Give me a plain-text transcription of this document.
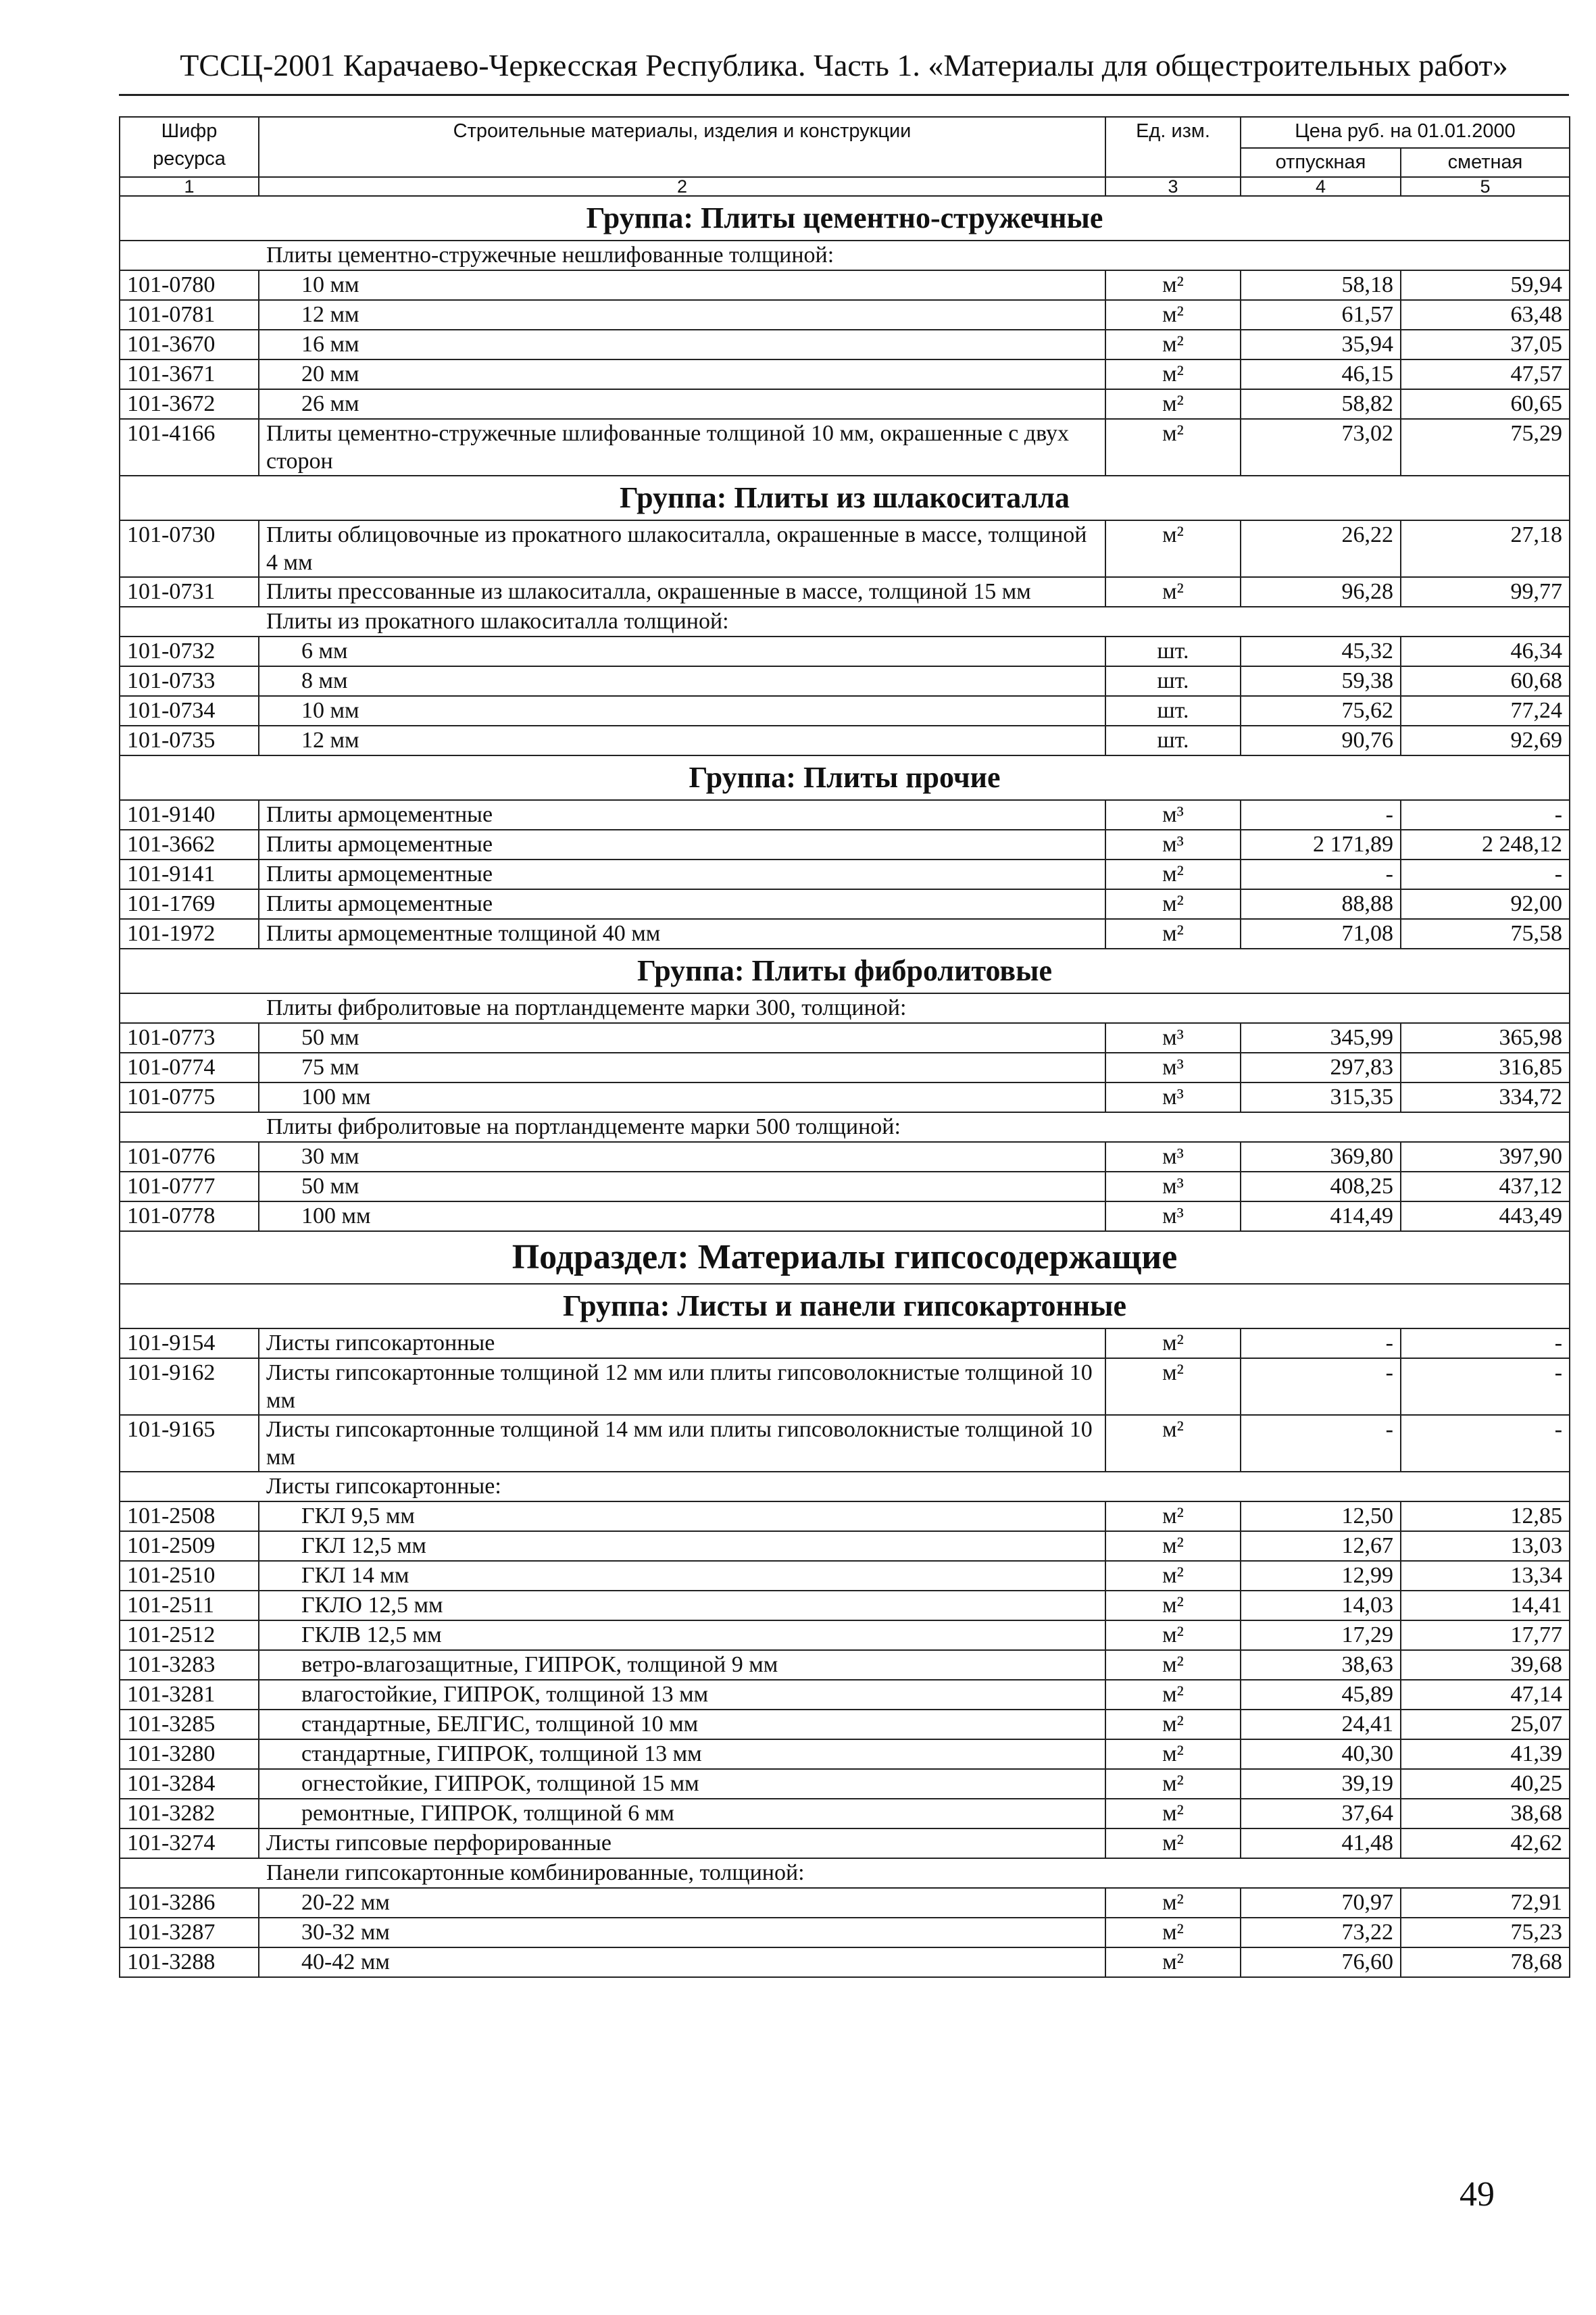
ТССЦ-2001 Карачаево-Черкесская Республика. Часть 1. «Материалы для общестроительных работ»
Шифр ресурса	Строительные материалы, изделия и конструкции	Ед. изм.	Цена руб. на 01.01.2000	
			отпускная	сметная
1	2	3	4	5
Группа: Плиты цементно-стружечные				
	Плиты цементно-стружечные нешлифованные толщиной:			
101-0780	10 мм	м²	58,18	59,94
101-0781	12 мм	м²	61,57	63,48
101-3670	16 мм	м²	35,94	37,05
101-3671	20 мм	м²	46,15	47,57
101-3672	26 мм	м²	58,82	60,65
101-4166	Плиты цементно-стружечные шлифованные толщиной 10 мм, окрашенные с двух сторон	м²	73,02	75,29
Группа: Плиты из шлакоситалла				
101-0730	Плиты облицовочные из прокатного шлакоситалла, окрашенные в массе, толщиной 4 мм	м²	26,22	27,18
101-0731	Плиты прессованные из шлакоситалла, окрашенные в массе, толщиной 15 мм	м²	96,28	99,77
	Плиты из прокатного шлакоситалла толщиной:			
101-0732	6 мм	шт.	45,32	46,34
101-0733	8 мм	шт.	59,38	60,68
101-0734	10 мм	шт.	75,62	77,24
101-0735	12 мм	шт.	90,76	92,69
Группа: Плиты прочие				
101-9140	Плиты армоцементные	м³	-	-
101-3662	Плиты армоцементные	м³	2 171,89	2 248,12
101-9141	Плиты армоцементные	м²	-	-
101-1769	Плиты армоцементные	м²	88,88	92,00
101-1972	Плиты армоцементные толщиной 40 мм	м²	71,08	75,58
Группа: Плиты фибролитовые				
	Плиты фибролитовые на портландцементе марки 300, толщиной:			
101-0773	50 мм	м³	345,99	365,98
101-0774	75 мм	м³	297,83	316,85
101-0775	100 мм	м³	315,35	334,72
	Плиты фибролитовые на портландцементе марки 500 толщиной:			
101-0776	30 мм	м³	369,80	397,90
101-0777	50 мм	м³	408,25	437,12
101-0778	100 мм	м³	414,49	443,49
Подраздел: Материалы гипсосодержащие				
Группа: Листы и панели гипсокартонные				
101-9154	Листы гипсокартонные	м²	-	-
101-9162	Листы гипсокартонные толщиной 12 мм или плиты гипсоволокнистые толщиной 10 мм	м²	-	-
101-9165	Листы гипсокартонные толщиной 14 мм или плиты гипсоволокнистые толщиной 10 мм	м²	-	-
	Листы гипсокартонные:			
101-2508	ГКЛ 9,5 мм	м²	12,50	12,85
101-2509	ГКЛ 12,5 мм	м²	12,67	13,03
101-2510	ГКЛ 14 мм	м²	12,99	13,34
101-2511	ГКЛО 12,5 мм	м²	14,03	14,41
101-2512	ГКЛВ 12,5 мм	м²	17,29	17,77
101-3283	ветро-влагозащитные, ГИПРОК, толщиной 9 мм	м²	38,63	39,68
101-3281	влагостойкие, ГИПРОК, толщиной 13 мм	м²	45,89	47,14
101-3285	стандартные, БЕЛГИС, толщиной 10 мм	м²	24,41	25,07
101-3280	стандартные, ГИПРОК, толщиной 13 мм	м²	40,30	41,39
101-3284	огнестойкие, ГИПРОК, толщиной 15 мм	м²	39,19	40,25
101-3282	ремонтные, ГИПРОК, толщиной 6 мм	м²	37,64	38,68
101-3274	Листы гипсовые перфорированные	м²	41,48	42,62
	Панели гипсокартонные комбинированные, толщиной:			
101-3286	20-22 мм	м²	70,97	72,91
101-3287	30-32 мм	м²	73,22	75,23
101-3288	40-42 мм	м²	76,60	78,68
49
